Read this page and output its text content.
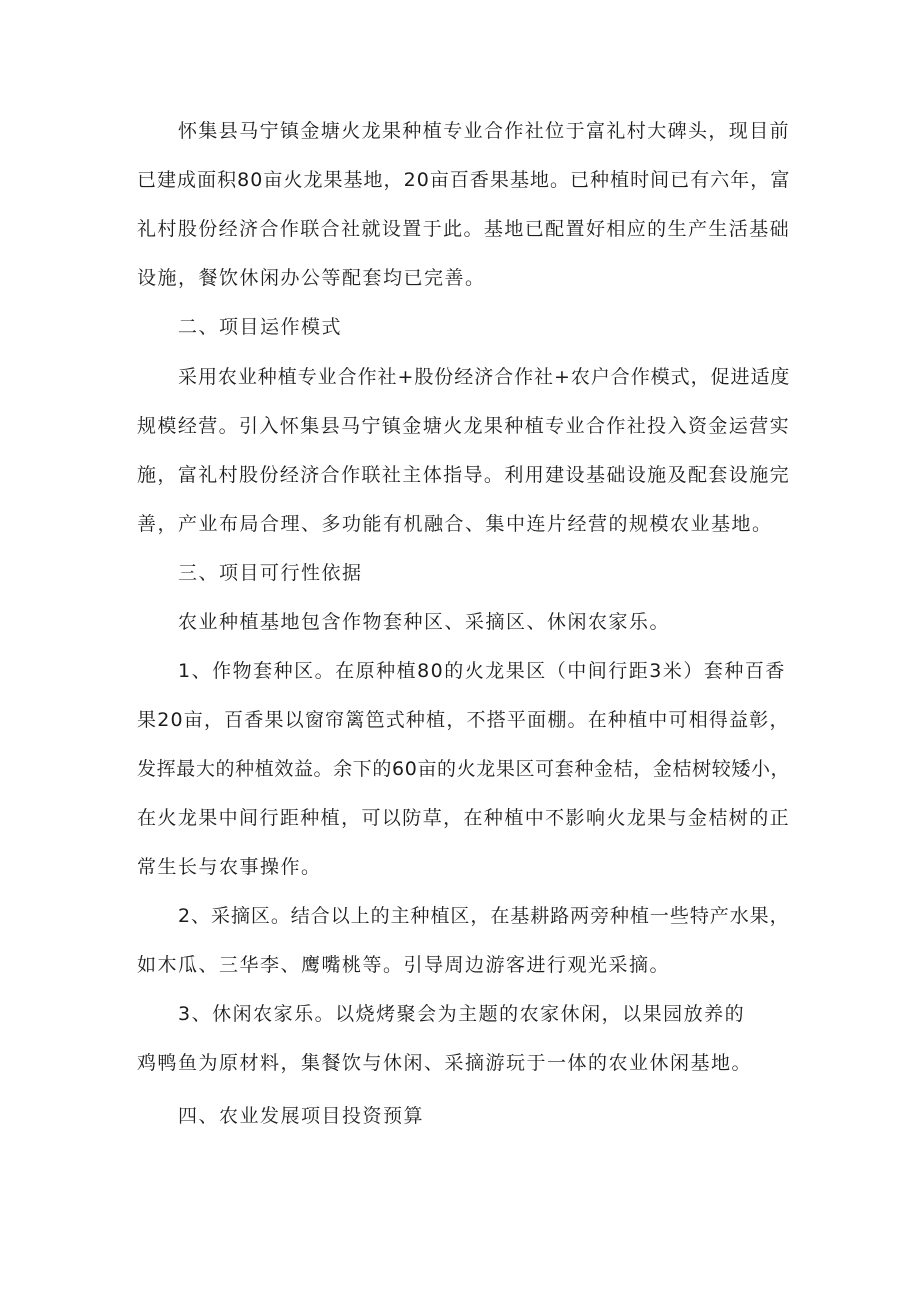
怀集县马宁镇金塘火龙果种植专业合作社位于富礼村大碑头，现目前
已建成面积80亩火龙果基地，20亩百香果基地。已种植时间已有六年，富
礼村股份经济合作联合社就设置于此。基地已配置好相应的生产生活基础
设施，餐饮休闲办公等配套均已完善。
二、项目运作模式
采用农业种植专业合作社+股份经济合作社+农户合作模式，促进适度
规模经营。引入怀集县马宁镇金塘火龙果种植专业合作社投入资金运营实
施，富礼村股份经济合作联社主体指导。利用建设基础设施及配套设施完
善，产业布局合理、多功能有机融合、集中连片经营的规模农业基地。
三、项目可行性依据
农业种植基地包含作物套种区、采摘区、休闲农家乐。
1、作物套种区。在原种植80的火龙果区（中间行距3米）套种百香
果20亩，百香果以窗帘篱笆式种植，不搭平面棚。在种植中可相得益彰，
发挥最大的种植效益。余下的60亩的火龙果区可套种金桔，金桔树较矮小，
在火龙果中间行距种植，可以防草，在种植中不影响火龙果与金桔树的正
常生长与农事操作。
2、采摘区。结合以上的主种植区，在基耕路两旁种植一些特产水果，
如木瓜、三华李、鹰嘴桃等。引导周边游客进行观光采摘。
3、休闲农家乐。以烧烤聚会为主题的农家休闲，以果园放养的
鸡鸭鱼为原材料，集餐饮与休闲、采摘游玩于一体的农业休闲基地。
四、农业发展项目投资预算
